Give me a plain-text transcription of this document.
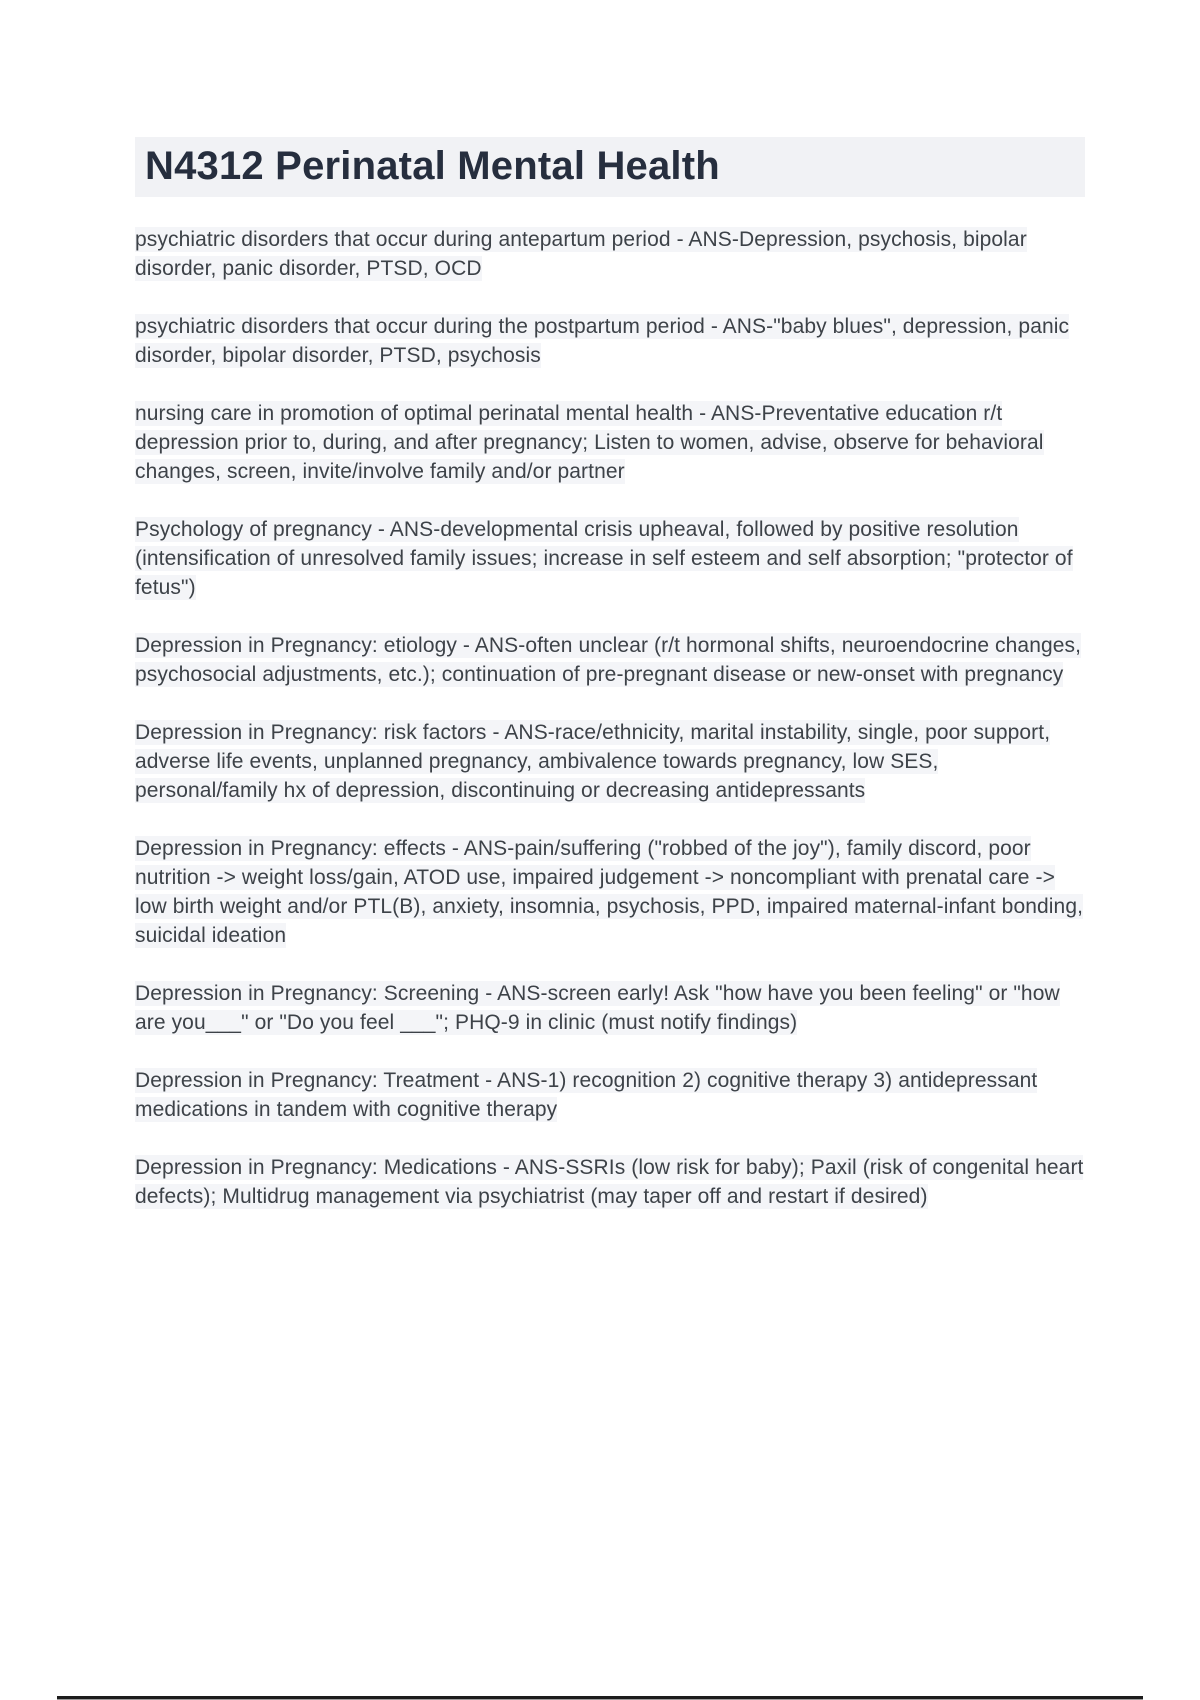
N4312 Perinatal Mental Health

psychiatric disorders that occur during antepartum period - ANS-Depression, psychosis, bipolar disorder, panic disorder, PTSD, OCD

psychiatric disorders that occur during the postpartum period - ANS-"baby blues", depression, panic disorder, bipolar disorder, PTSD, psychosis

nursing care in promotion of optimal perinatal mental health - ANS-Preventative education r/t depression prior to, during, and after pregnancy; Listen to women, advise, observe for behavioral changes, screen, invite/involve family and/or partner

Psychology of pregnancy - ANS-developmental crisis upheaval, followed by positive resolution (intensification of unresolved family issues; increase in self esteem and self absorption; "protector of fetus")

Depression in Pregnancy: etiology - ANS-often unclear (r/t hormonal shifts, neuroendocrine changes, psychosocial adjustments, etc.); continuation of pre-pregnant disease or new-onset with pregnancy

Depression in Pregnancy: risk factors - ANS-race/ethnicity, marital instability, single, poor support, adverse life events, unplanned pregnancy, ambivalence towards pregnancy, low SES, personal/family hx of depression, discontinuing or decreasing antidepressants

Depression in Pregnancy: effects - ANS-pain/suffering ("robbed of the joy"), family discord, poor nutrition -> weight loss/gain, ATOD use, impaired judgement -> noncompliant with prenatal care -> low birth weight and/or PTL(B), anxiety, insomnia, psychosis, PPD, impaired maternal-infant bonding, suicidal ideation

Depression in Pregnancy: Screening - ANS-screen early! Ask "how have you been feeling" or "how are you___" or "Do you feel ___"; PHQ-9 in clinic (must notify findings)

Depression in Pregnancy: Treatment - ANS-1) recognition 2) cognitive therapy 3) antidepressant medications in tandem with cognitive therapy

Depression in Pregnancy: Medications - ANS-SSRIs (low risk for baby); Paxil (risk of congenital heart defects); Multidrug management via psychiatrist (may taper off and restart if desired)
